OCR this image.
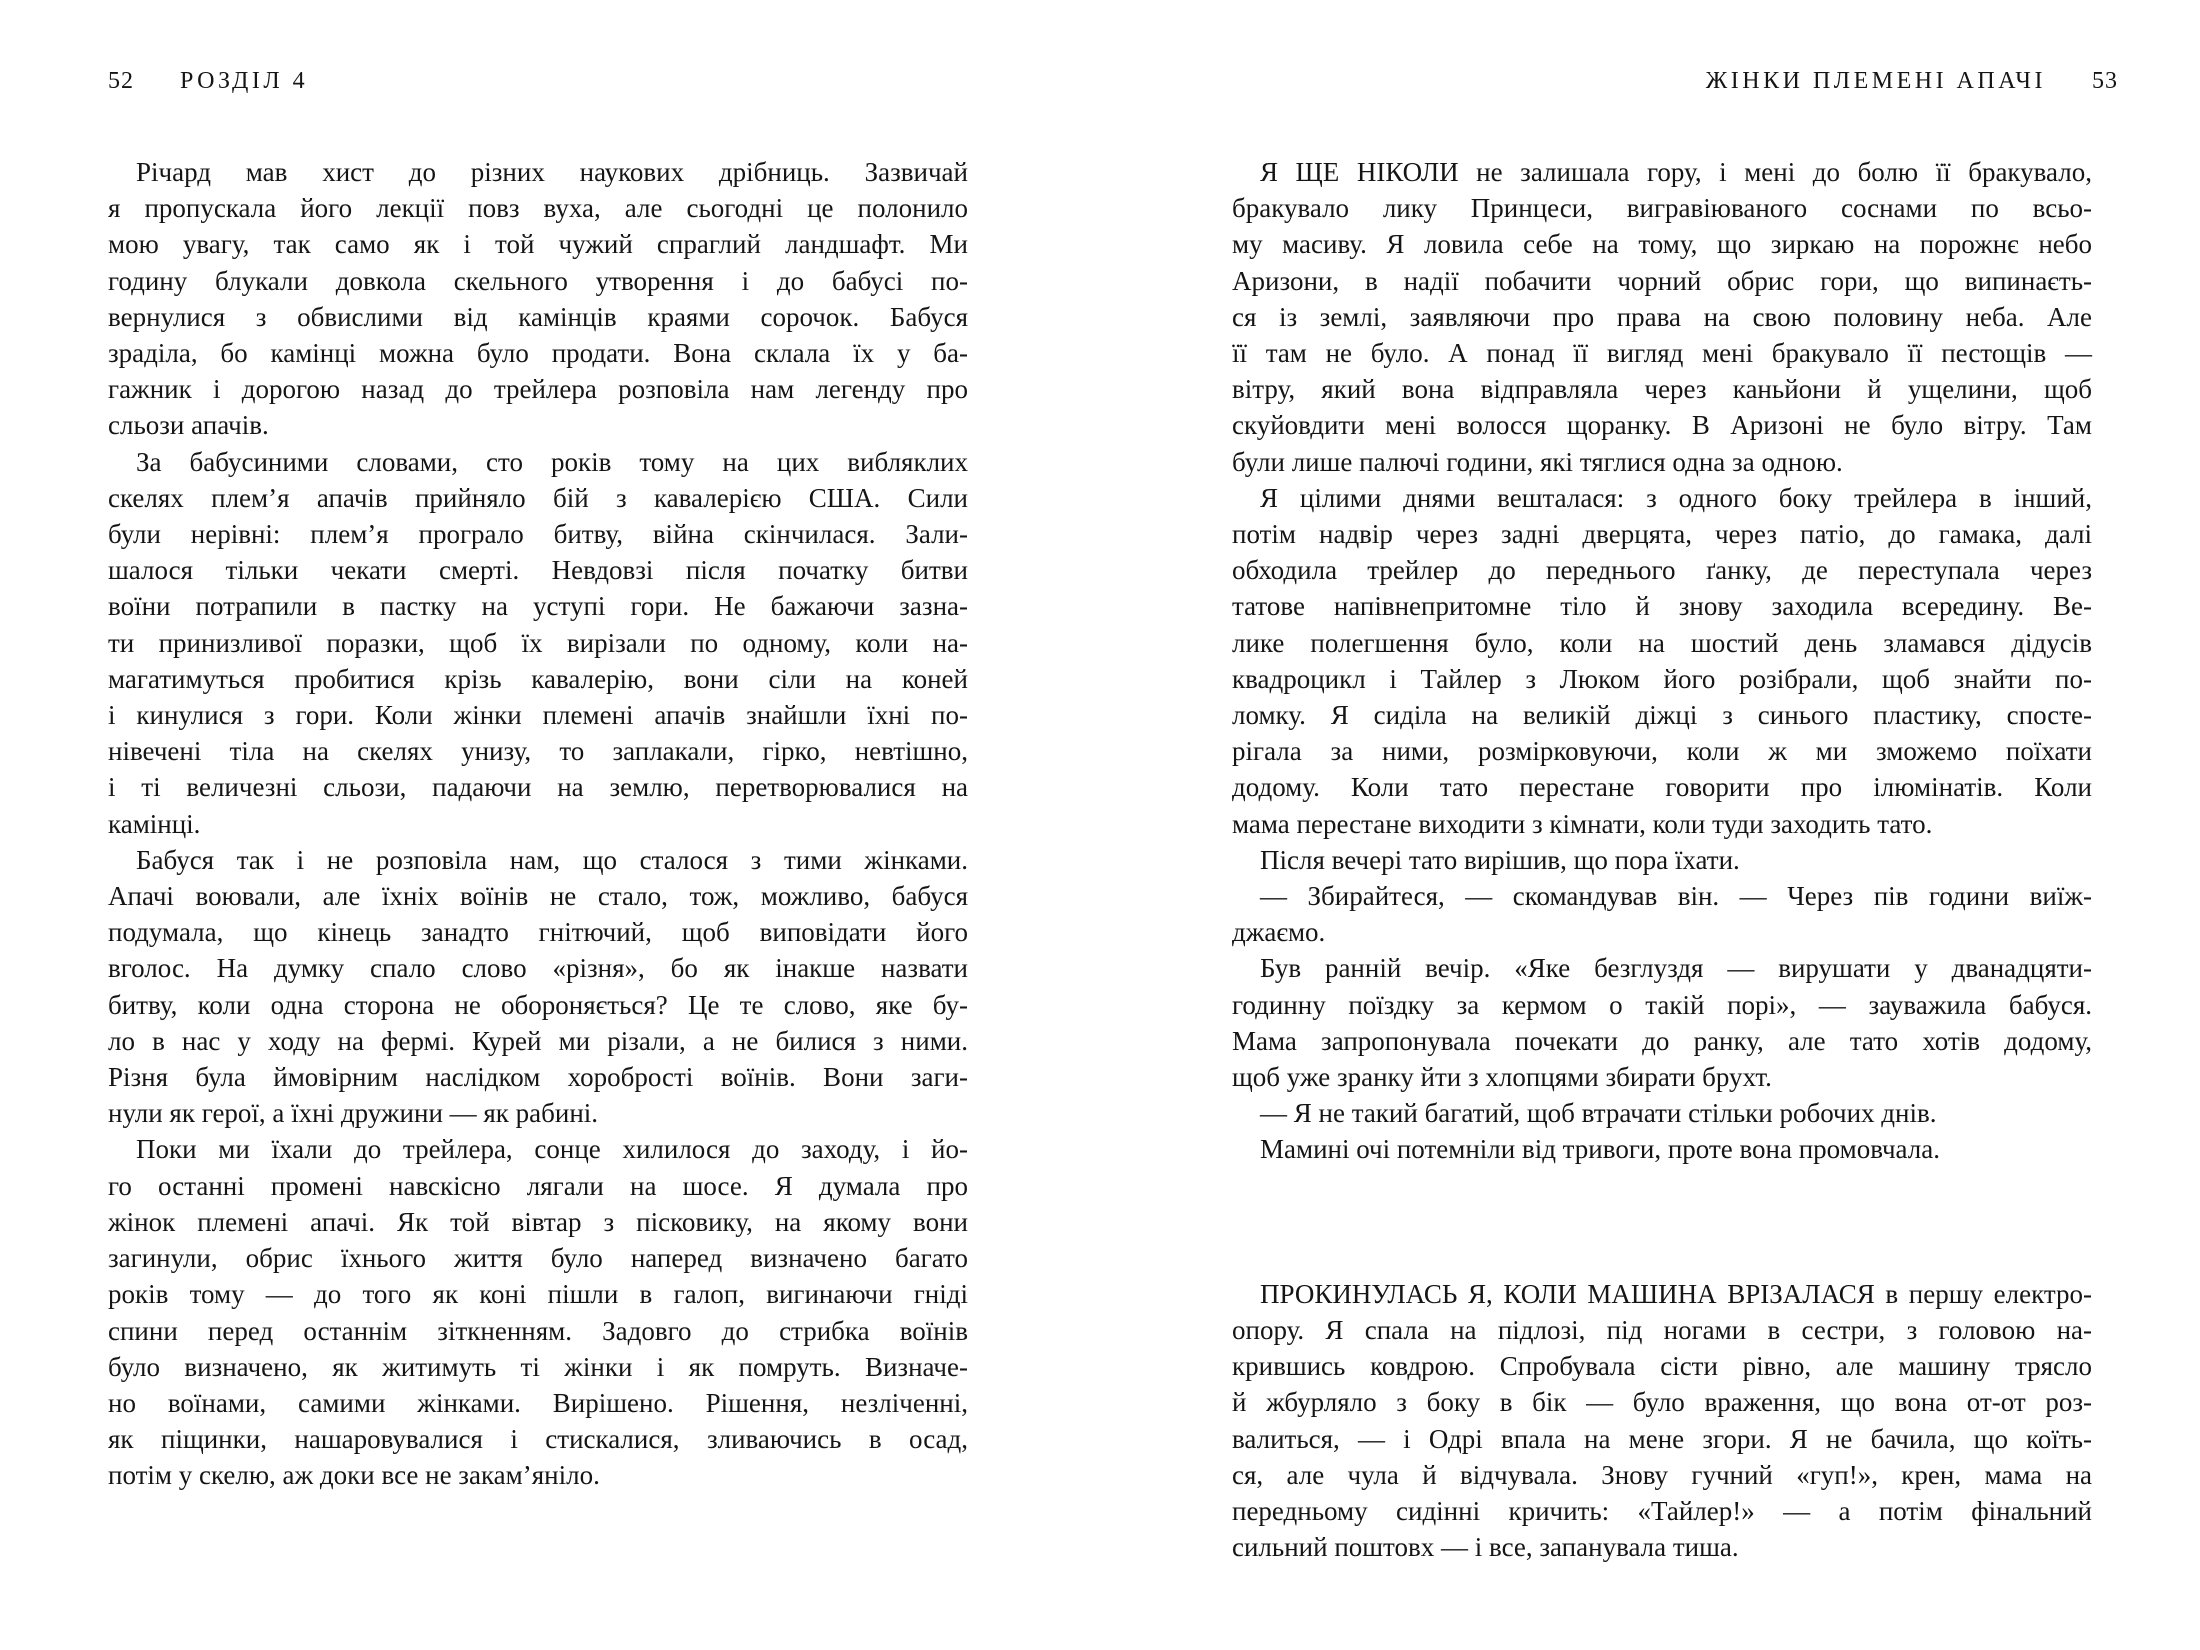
52 РОЗДІЛ 4
Річард мав хист до різних наукових дрібниць. Зазвичай
я пропускала його лекції повз вуха, але сьогодні це полонило
мою увагу, так само як і той чужий спраглий ландшафт. Ми
годину блукали довкола скельного утворення і до бабусі по-
вернулися з обвислими від камінців краями сорочок. Бабуся
зраділа, бо камінці можна було продати. Вона склала їх у ба-
гажник і дорогою назад до трейлера розповіла нам легенду про
сльози апачів.
За бабусиними словами, сто років тому на цих вибляклих
скелях плем’я апачів прийняло бій з кавалерією США. Сили
були нерівні: плем’я програло битву, війна скінчилася. Зали-
шалося тільки чекати смерті. Невдовзі після початку битви
воїни потрапили в пастку на уступі гори. Не бажаючи зазна-
ти принизливої поразки, щоб їх вирізали по одному, коли на-
магатимуться пробитися крізь кавалерію, вони сіли на коней
і кинулися з гори. Коли жінки племені апачів знайшли їхні по-
нівечені тіла на скелях унизу, то заплакали, гірко, невтішно,
і ті величезні сльози, падаючи на землю, перетворювалися на
камінці.
Бабуся так і не розповіла нам, що сталося з тими жінками.
Апачі воювали, але їхніх воїнів не стало, тож, можливо, бабуся
подумала, що кінець занадто гнітючий, щоб виповідати його
вголос. На думку спало слово «різня», бо як інакше назвати
битву, коли одна сторона не обороняється? Це те слово, яке бу-
ло в нас у ходу на фермі. Курей ми різали, а не билися з ними.
Різня була ймовірним наслідком хоробрості воїнів. Вони заги-
нули як герої, а їхні дружини — як рабині.
Поки ми їхали до трейлера, сонце хилилося до заходу, і йо-
го останні промені навскісно лягали на шосе. Я думала про
жінок племені апачі. Як той вівтар з пісковику, на якому вони
загинули, обрис їхнього життя було наперед визначено багато
років тому — до того як коні пішли в галоп, вигинаючи гніді
спини перед останнім зіткненням. Задовго до стрибка воїнів
було визначено, як житимуть ті жінки і як помруть. Визначе-
но воїнами, самими жінками. Вирішено. Рішення, незліченні,
як піщинки, нашаровувалися і стискалися, зливаючись в осад,
потім у скелю, аж доки все не закам’яніло.
ЖІНКИ ПЛЕМЕНІ АПАЧІ 53
Я ЩЕ НІКОЛИ не залишала гору, і мені до болю її бракувало,
бракувало лику Принцеси, вигравіюваного соснами по всьо-
му масиву. Я ловила себе на тому, що зиркаю на порожнє небо
Аризони, в надії побачити чорний обрис гори, що випинаєть-
ся із землі, заявляючи про права на свою половину неба. Але
її там не було. А понад її вигляд мені бракувало її пестощів —
вітру, який вона відправляла через каньйони й ущелини, щоб
скуйовдити мені волосся щоранку. В Аризоні не було вітру. Там
були лише палючі години, які тяглися одна за одною.
Я цілими днями вешталася: з одного боку трейлера в інший,
потім надвір через задні дверцята, через патіо, до гамака, далі
обходила трейлер до переднього ґанку, де переступала через
татове напівнепритомне тіло й знову заходила всередину. Ве-
лике полегшення було, коли на шостий день зламався дідусів
квадроцикл і Тайлер з Люком його розібрали, щоб знайти по-
ломку. Я сиділа на великій діжці з синього пластику, спосте-
рігала за ними, розмірковуючи, коли ж ми зможемо поїхати
додому. Коли тато перестане говорити про ілюмінатів. Коли
мама перестане виходити з кімнати, коли туди заходить тато.
Після вечері тато вирішив, що пора їхати.
— Збирайтеся, — скомандував він. — Через пів години виїж-
джаємо.
Був ранній вечір. «Яке безглуздя — вирушати у дванадцяти-
годинну поїздку за кермом о такій порі», — зауважила бабуся.
Мама запропонувала почекати до ранку, але тато хотів додому,
щоб уже зранку йти з хлопцями збирати брухт.
— Я не такий багатий, щоб втрачати стільки робочих днів.
Мамині очі потемніли від тривоги, проте вона промовчала.
ПРОКИНУЛАСЬ Я, КОЛИ МАШИНА ВРІЗАЛАСЯ в першу електро-
опору. Я спала на підлозі, під ногами в сестри, з головою на-
крившись ковдрою. Спробувала сісти рівно, але машину трясло
й жбурляло з боку в бік — було враження, що вона от-от роз-
валиться, — і Одрі впала на мене згори. Я не бачила, що коїть-
ся, але чула й відчувала. Знову гучний «гуп!», крен, мама на
передньому сидінні кричить: «Тайлер!» — а потім фінальний
сильний поштовх — і все, запанувала тиша.
